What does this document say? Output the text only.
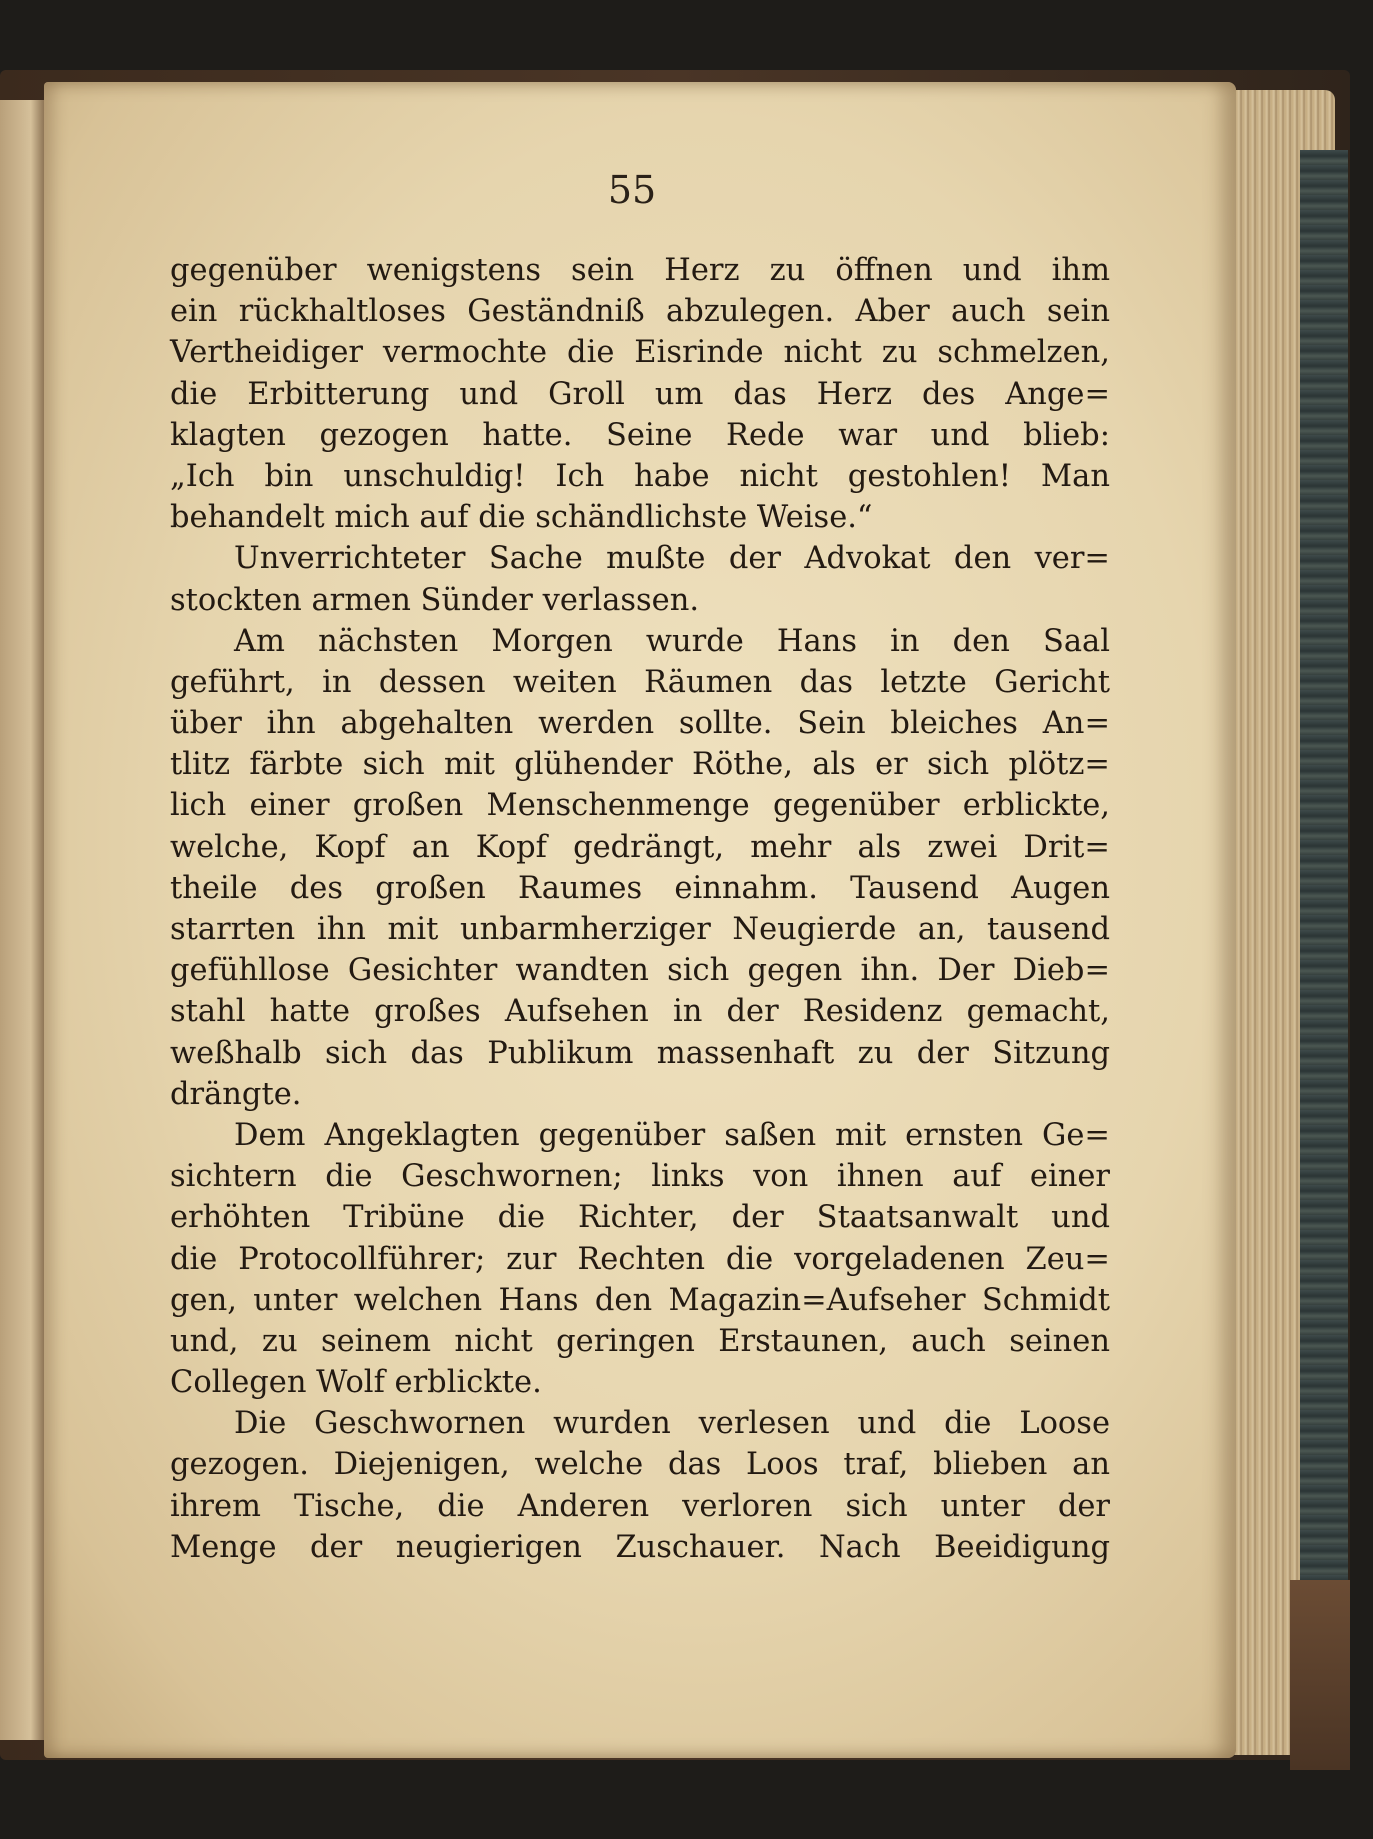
55
gegenüber wenigstens sein Herz zu öffnen und ihm
ein rückhaltloses Geständniß abzulegen. Aber auch sein
Vertheidiger vermochte die Eisrinde nicht zu schmelzen,
die Erbitterung und Groll um das Herz des Ange=
klagten gezogen hatte. Seine Rede war und blieb:
„Ich bin unschuldig! Ich habe nicht gestohlen! Man
behandelt mich auf die schändlichste Weise.“
Unverrichteter Sache mußte der Advokat den ver=
stockten armen Sünder verlassen.
Am nächsten Morgen wurde Hans in den Saal
geführt, in dessen weiten Räumen das letzte Gericht
über ihn abgehalten werden sollte. Sein bleiches An=
tlitz färbte sich mit glühender Röthe, als er sich plötz=
lich einer großen Menschenmenge gegenüber erblickte,
welche, Kopf an Kopf gedrängt, mehr als zwei Drit=
theile des großen Raumes einnahm. Tausend Augen
starrten ihn mit unbarmherziger Neugierde an, tausend
gefühllose Gesichter wandten sich gegen ihn. Der Dieb=
stahl hatte großes Aufsehen in der Residenz gemacht,
weßhalb sich das Publikum massenhaft zu der Sitzung
drängte.
Dem Angeklagten gegenüber saßen mit ernsten Ge=
sichtern die Geschwornen; links von ihnen auf einer
erhöhten Tribüne die Richter, der Staatsanwalt und
die Protocollführer; zur Rechten die vorgeladenen Zeu=
gen, unter welchen Hans den Magazin=Aufseher Schmidt
und, zu seinem nicht geringen Erstaunen, auch seinen
Collegen Wolf erblickte.
Die Geschwornen wurden verlesen und die Loose
gezogen. Diejenigen, welche das Loos traf, blieben an
ihrem Tische, die Anderen verloren sich unter der
Menge der neugierigen Zuschauer. Nach Beeidigung
